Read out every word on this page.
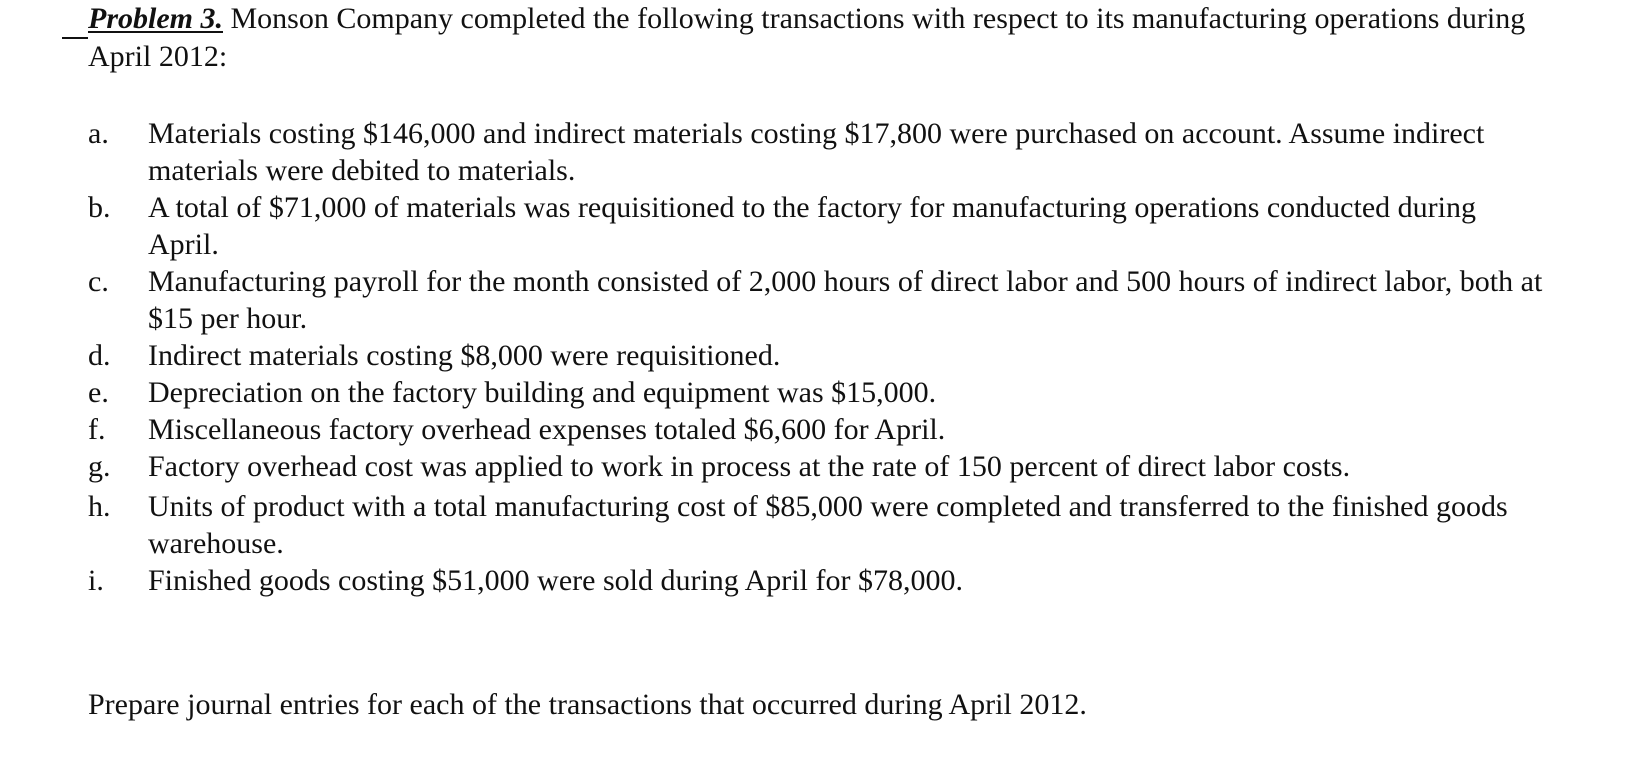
Problem 3. Monson Company completed the following transactions with respect to its manufacturing operations during April 2012:
a.	Materials costing $146,000 and indirect materials costing $17,800 were purchased on account. Assume indirect materials were debited to materials.
b.	A total of $71,000 of materials was requisitioned to the factory for manufacturing operations conducted during April.
c.	Manufacturing payroll for the month consisted of 2,000 hours of direct labor and 500 hours of indirect labor, both at $15 per hour.
d.	Indirect materials costing $8,000 were requisitioned.
e.	Depreciation on the factory building and equipment was $15,000.
f.	Miscellaneous factory overhead expenses totaled $6,600 for April.
g.	Factory overhead cost was applied to work in process at the rate of 150 percent of direct labor costs.
h.	Units of product with a total manufacturing cost of $85,000 were completed and transferred to the finished goods warehouse.
i.	Finished goods costing $51,000 were sold during April for $78,000.
Prepare journal entries for each of the transactions that occurred during April 2012.
